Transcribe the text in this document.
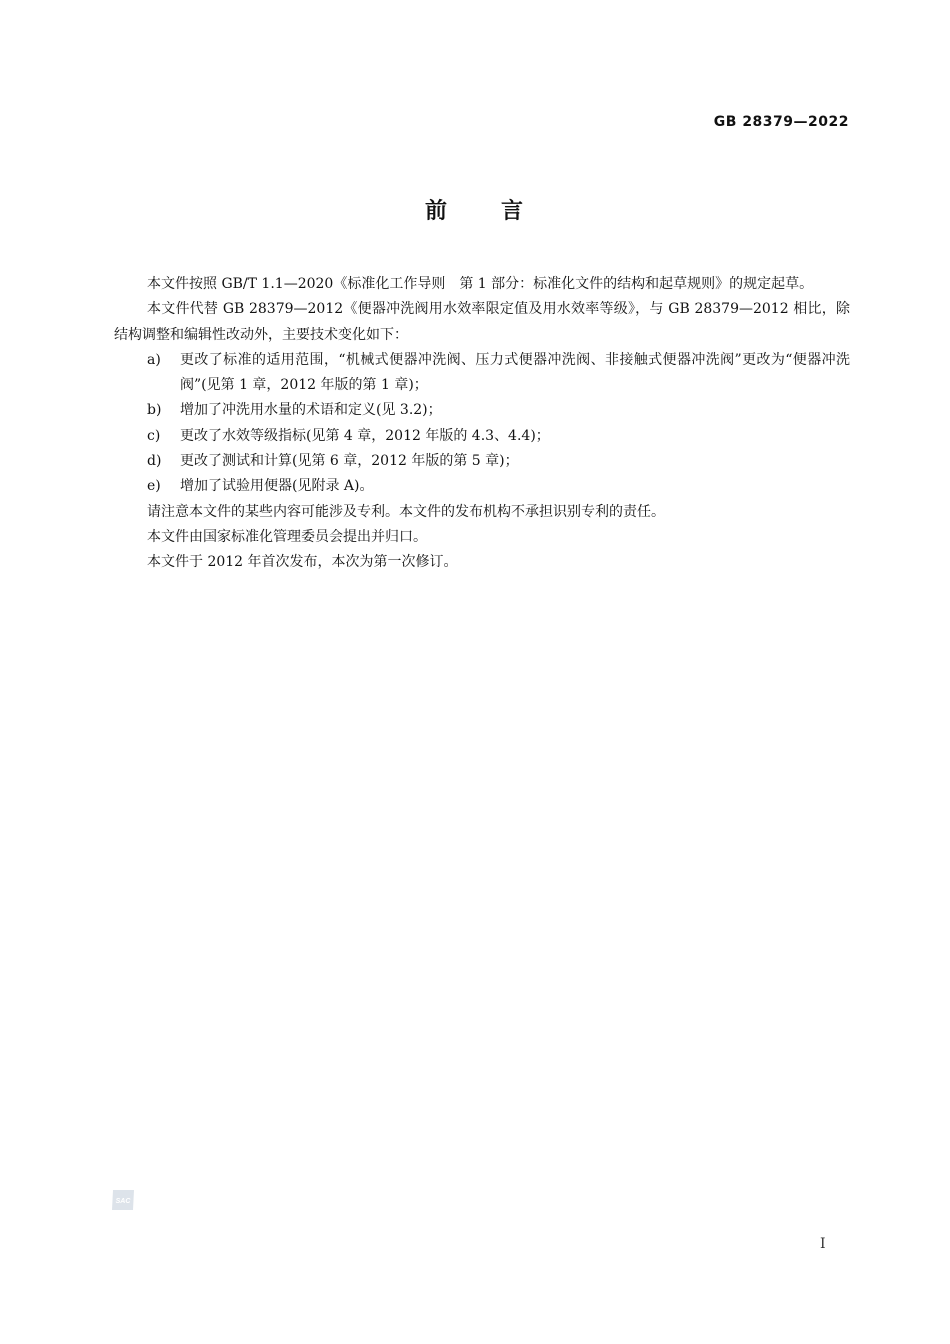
GB 28379—2022
前 言

本文件按照 GB/T 1.1—2020《标准化工作导则　第 1 部分：标准化文件的结构和起草规则》的规定起草。

本文件代替 GB 28379—2012《便器冲洗阀用水效率限定值及用水效率等级》，与 GB 28379—2012 相比，除结构调整和编辑性改动外，主要技术变化如下：

a) 更改了标准的适用范围，“机械式便器冲洗阀、压力式便器冲洗阀、非接触式便器冲洗阀”更改为“便器冲洗阀”(见第 1 章，2012 年版的第 1 章)；

b) 增加了冲洗用水量的术语和定义(见 3.2)；

c) 更改了水效等级指标(见第 4 章，2012 年版的 4.3、4.4)；

d) 更改了测试和计算(见第 6 章，2012 年版的第 5 章)；

e) 增加了试验用便器(见附录 A)。

请注意本文件的某些内容可能涉及专利。本文件的发布机构不承担识别专利的责任。

本文件由国家标准化管理委员会提出并归口。

本文件于 2012 年首次发布，本次为第一次修订。

SAC
I
